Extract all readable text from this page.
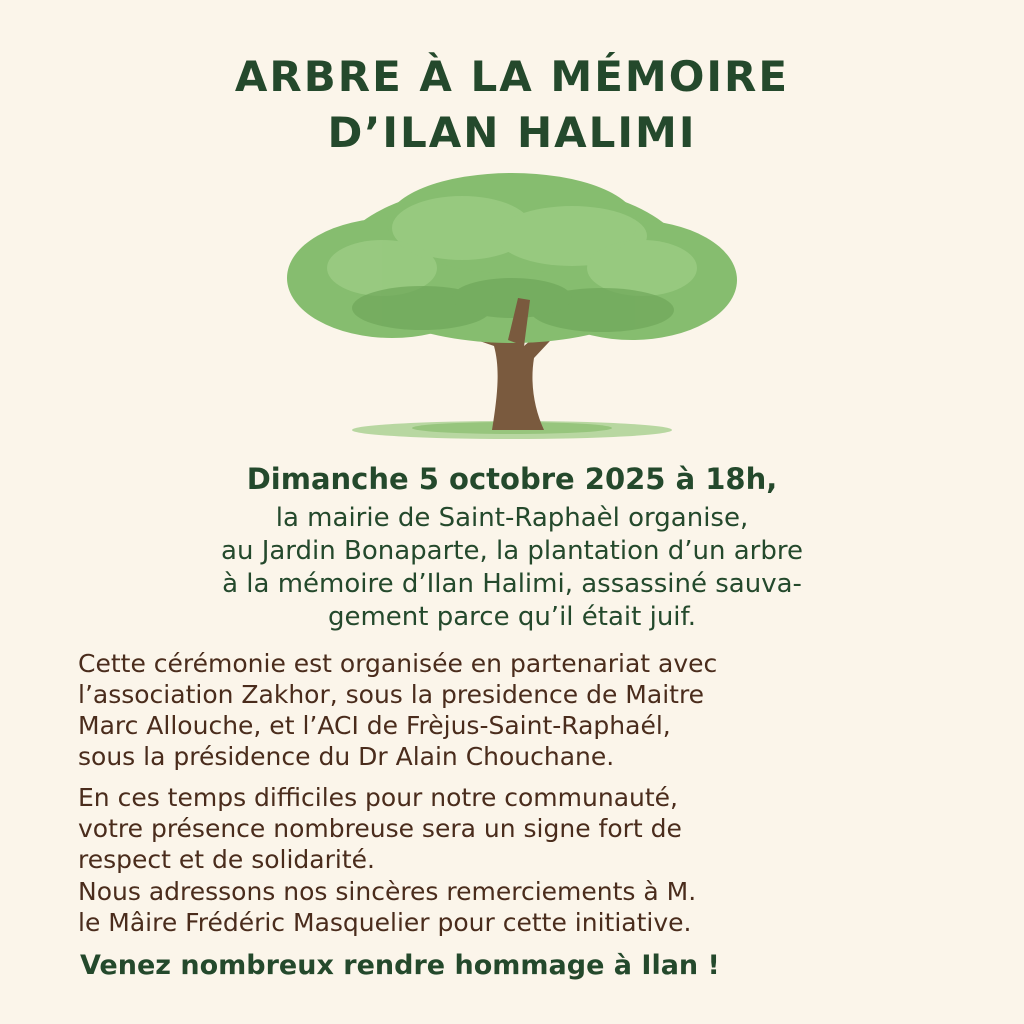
ARBRE À LA MÉMOIRE
D’ILAN HALIMI

Dimanche 5 octobre 2025 à 18h,

la mairie de Saint-Raphaèl organise,

au Jardin Bonaparte, la plantation d’un arbre

à la mémoire d’Ilan Halimi, assassiné sauva-

gement parce qu’il était juif.

Cette cérémonie est organisée en partenariat avec
l’association Zakhor, sous la presidence de Maitre
Marc Allouche, et l’ACI de Frèjus-Saint-Raphaél,
sous la présidence du Dr Alain Chouchane.
En ces temps difficiles pour notre communauté,
votre présence nombreuse sera un signe fort de
respect et de solidarité.
Nous adressons nos sincères remerciements à M.
le Mâire Frédéric Masquelier pour cette initiative.

Venez nombreux rendre hommage à Ilan !
